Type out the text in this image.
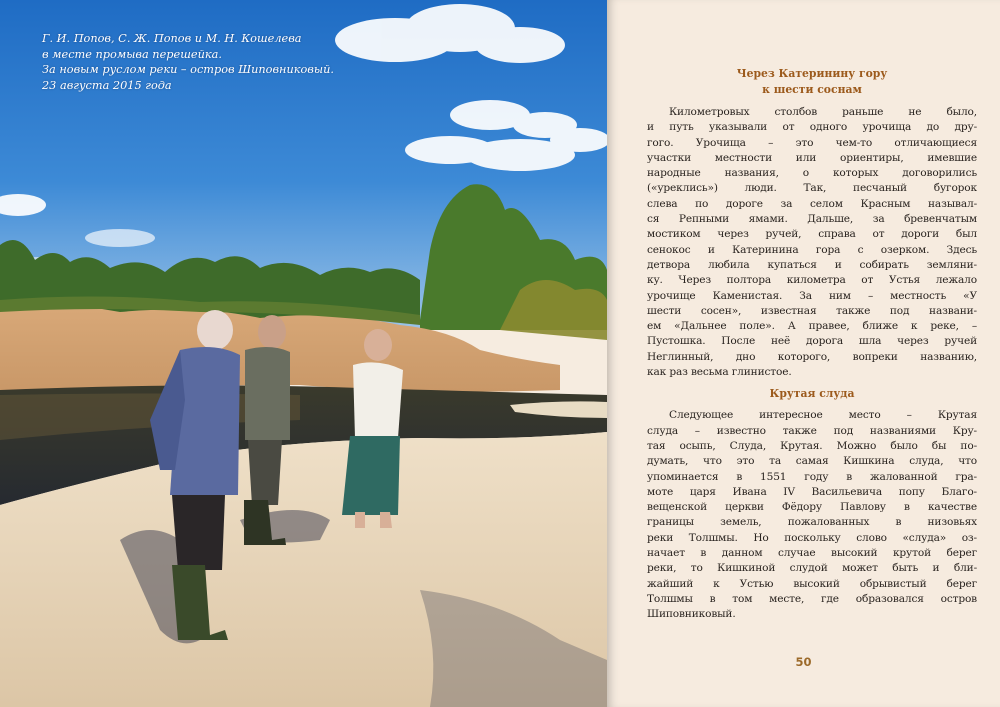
Г. И. Попов, С. Ж. Попов и М. Н. Кошелева
в месте промыва перешейка.
За новым руслом реки – остров Шиповниковый.
23 августа 2015 года
Через Катеринину гору
к шести соснам
Километровых столбов раньше не было,
и путь указывали от одного урочища до дру-
гого. Урочища – это чем-то отличающиеся
участки местности или ориентиры, имевшие
народные названия, о которых договорились
(«уреклись») люди. Так, песчаный бугорок
слева по дороге за селом Красным называл-
ся Репными ямами. Дальше, за бревенчатым
мостиком через ручей, справа от дороги был
сенокос и Катеринина гора с озерком. Здесь
детвора любила купаться и собирать земляни-
ку. Через полтора километра от Устья лежало
урочище Каменистая. За ним – местность «У
шести сосен», известная также под названи-
ем «Дальнее поле». А правее, ближе к реке, –
Пустошка. После неё дорога шла через ручей
Неглинный, дно которого, вопреки названию,
как раз весьма глинистое.
Крутая слуда
Следующее интересное место – Крутая
слуда – известно также под названиями Кру-
тая осыпь, Слуда, Крутая. Можно было бы по-
думать, что это та самая Кишкина слуда, что
упоминается в 1551 году в жалованной гра-
моте царя Ивана IV Васильевича попу Благо-
вещенской церкви Фёдору Павлову в качестве
границы земель, пожалованных в низовьях
реки Толшмы. Но поскольку слово «слуда» оз-
начает в данном случае высокий крутой берег
реки, то Кишкиной слудой может быть и бли-
жайший к Устью высокий обрывистый берег
Толшмы в том месте, где образовался остров
Шиповниковый.
50
